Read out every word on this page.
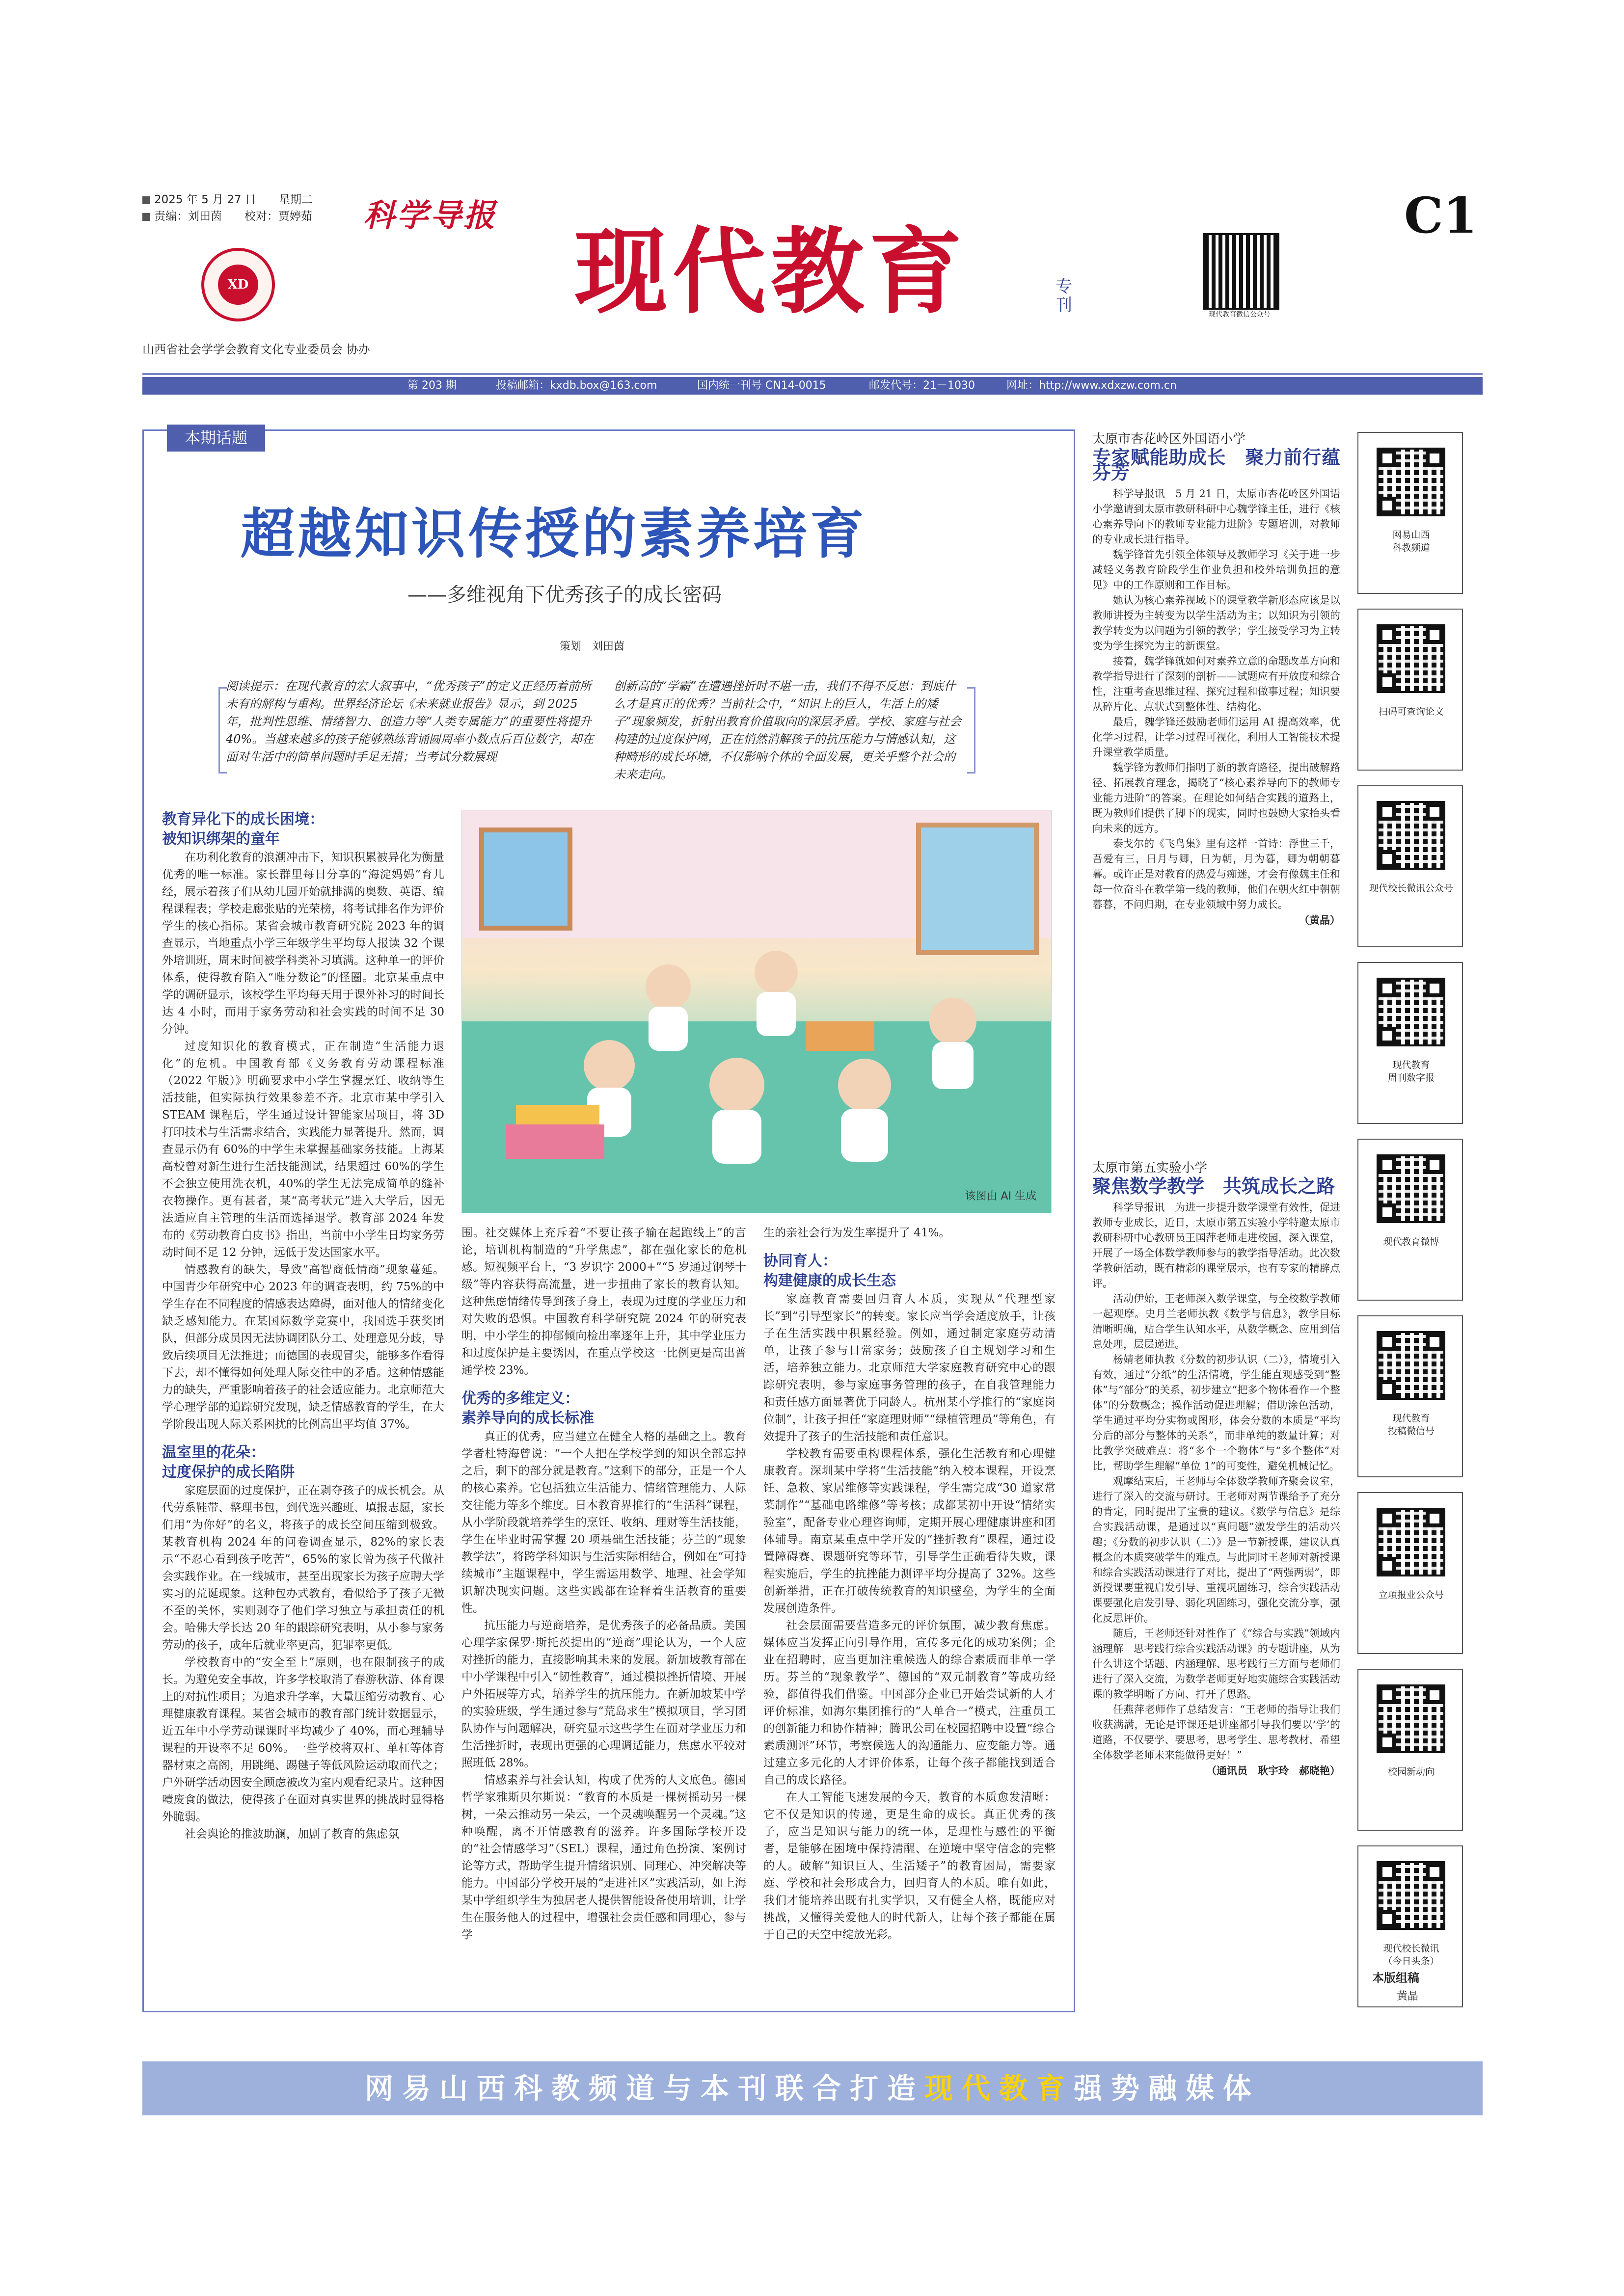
2025 年 5 月 27 日　　星期二
责编：刘田茵　　校对：贾婷茹 科学导报
现代教育	专刊
C1
XD
山西省社会学学会教育文化专业委员会 协办
现代教育微信公众号
第 203 期	投稿邮箱：kxdb.box@163.com	国内统一刊号 CN14-0015	邮发代号：21－1030	网址：http://www.xdxzw.com.cn
本期话题
超越知识传授的素养培育
——多维视角下优秀孩子的成长密码
策划　刘田茵
阅读提示：在现代教育的宏大叙事中，“优秀孩子”的定义正经历着前所未有的解构与重构。世界经济论坛《未来就业报告》显示，到 2025 年，批判性思维、情绪智力、创造力等“人类专属能力”的重要性将提升 40%。当越来越多的孩子能够熟练背诵圆周率小数点后百位数字，却在面对生活中的简单问题时手足无措；当考试分数展现
创新高的“学霸”在遭遇挫折时不堪一击，我们不得不反思：到底什么才是真正的优秀？当前社会中，“知识上的巨人，生活上的矮子”现象频发，折射出教育价值取向的深层矛盾。学校、家庭与社会构建的过度保护网，正在悄然消解孩子的抗压能力与情感认知，这种畸形的成长环境，不仅影响个体的全面发展，更关乎整个社会的未来走向。
教育异化下的成长困境：
被知识绑架的童年
在功利化教育的浪潮冲击下，知识积累被异化为衡量优秀的唯一标准。家长群里每日分享的“海淀妈妈”育儿经，展示着孩子们从幼儿园开始就排满的奥数、英语、编程课程表；学校走廊张贴的光荣榜，将考试排名作为评价学生的核心指标。某省会城市教育研究院 2023 年的调查显示，当地重点小学三年级学生平均每人报读 32 个课外培训班，周末时间被学科类补习填满。这种单一的评价体系，使得教育陷入“唯分数论”的怪圈。北京某重点中学的调研显示，该校学生平均每天用于课外补习的时间长达 4 小时，而用于家务劳动和社会实践的时间不足 30 分钟。
过度知识化的教育模式，正在制造“生活能力退化”的危机。中国教育部《义务教育劳动课程标准（2022 年版）》明确要求中小学生掌握烹饪、收纳等生活技能，但实际执行效果参差不齐。北京市某中学引入 STEAM 课程后，学生通过设计智能家居项目，将 3D 打印技术与生活需求结合，实践能力显著提升。然而，调查显示仍有 60%的中学生未掌握基础家务技能。上海某高校曾对新生进行生活技能测试，结果超过 60%的学生不会独立使用洗衣机，40%的学生无法完成简单的缝补衣物操作。更有甚者，某“高考状元”进入大学后，因无法适应自主管理的生活而选择退学。教育部 2024 年发布的《劳动教育白皮书》指出，当前中小学生日均家务劳动时间不足 12 分钟，远低于发达国家水平。
情感教育的缺失，导致“高智商低情商”现象蔓延。中国青少年研究中心 2023 年的调查表明，约 75%的中学生存在不同程度的情感表达障碍，面对他人的情绪变化缺乏感知能力。在某国际数学竞赛中，我国选手获奖团队，但部分成员因无法协调团队分工、处理意见分歧，导致后续项目无法推进；而德国的表现冒尖，能够多作看得下去，却不懂得如何处理人际交往中的矛盾。这种情感能力的缺失，严重影响着孩子的社会适应能力。北京师范大学心理学部的追踪研究发现，缺乏情感教育的学生，在大学阶段出现人际关系困扰的比例高出平均值 37%。
温室里的花朵：
过度保护的成长陷阱
家庭层面的过度保护，正在剥夺孩子的成长机会。从代劳系鞋带、整理书包，到代选兴趣班、填报志愿，家长们用“为你好”的名义，将孩子的成长空间压缩到极致。某教育机构 2024 年的问卷调查显示，82%的家长表示“不忍心看到孩子吃苦”，65%的家长曾为孩子代做社会实践作业。在一线城市，甚至出现家长为孩子应聘大学实习的荒诞现象。这种包办式教育，看似给予了孩子无微不至的关怀，实则剥夺了他们学习独立与承担责任的机会。哈佛大学长达 20 年的跟踪研究表明，从小参与家务劳动的孩子，成年后就业率更高，犯罪率更低。
学校教育中的“安全至上”原则，也在限制孩子的成长。为避免安全事故，许多学校取消了春游秋游、体育课上的对抗性项目；为追求升学率，大量压缩劳动教育、心理健康教育课程。某省会城市的教育部门统计数据显示，近五年中小学劳动课课时平均减少了 40%，而心理辅导课程的开设率不足 60%。一些学校将双杠、单杠等体育器材束之高阁，用跳绳、踢毽子等低风险运动取而代之；户外研学活动因安全顾虑被改为室内观看纪录片。这种因噎废食的做法，使得孩子在面对真实世界的挑战时显得格外脆弱。
社会舆论的推波助澜，加剧了教育的焦虑氛
该图由 AI 生成
围。社交媒体上充斥着“不要让孩子输在起跑线上”的言论，培训机构制造的“升学焦虑”，都在强化家长的危机感。短视频平台上，“3 岁识字 2000+”“5 岁通过钢琴十级”等内容获得高流量，进一步扭曲了家长的教育认知。这种焦虑情绪传导到孩子身上，表现为过度的学业压力和对失败的恐惧。中国教育科学研究院 2024 年的研究表明，中小学生的抑郁倾向检出率逐年上升，其中学业压力和过度保护是主要诱因，在重点学校这一比例更是高出普通学校 23%。
优秀的多维定义：
素养导向的成长标准
真正的优秀，应当建立在健全人格的基础之上。教育学者杜特海曾说：“一个人把在学校学到的知识全部忘掉之后，剩下的部分就是教育。”这剩下的部分，正是一个人的核心素养。它包括独立生活能力、情绪管理能力、人际交往能力等多个维度。日本教育界推行的“生活科”课程，从小学阶段就培养学生的烹饪、收纳、理财等生活技能，学生在毕业时需掌握 20 项基础生活技能；芬兰的“现象教学法”，将跨学科知识与生活实际相结合，例如在“可持续城市”主题课程中，学生需运用数学、地理、社会学知识解决现实问题。这些实践都在诠释着生活教育的重要性。
抗压能力与逆商培养，是优秀孩子的必备品质。美国心理学家保罗·斯托茨提出的“逆商”理论认为，一个人应对挫折的能力，直接影响其未来的发展。新加坡教育部在中小学课程中引入“韧性教育”，通过模拟挫折情境、开展户外拓展等方式，培养学生的抗压能力。在新加坡某中学的实验班级，学生通过参与“荒岛求生”模拟项目，学习团队协作与问题解决，研究显示这些学生在面对学业压力和生活挫折时，表现出更强的心理调适能力，焦虑水平较对照班低 28%。
情感素养与社会认知，构成了优秀的人文底色。德国哲学家雅斯贝尔斯说：“教育的本质是一棵树摇动另一棵树，一朵云推动另一朵云，一个灵魂唤醒另一个灵魂。”这种唤醒，离不开情感教育的滋养。许多国际学校开设的“社会情感学习”（SEL）课程，通过角色扮演、案例讨论等方式，帮助学生提升情绪识别、同理心、冲突解决等能力。中国部分学校开展的“走进社区”实践活动，如上海某中学组织学生为独居老人提供智能设备使用培训，让学生在服务他人的过程中，增强社会责任感和同理心，参与学
生的亲社会行为发生率提升了 41%。
协同育人：
构建健康的成长生态
家庭教育需要回归育人本质，实现从“代理型家长”到“引导型家长”的转变。家长应当学会适度放手，让孩子在生活实践中积累经验。例如，通过制定家庭劳动清单，让孩子参与日常家务；鼓励孩子自主规划学习和生活，培养独立能力。北京师范大学家庭教育研究中心的跟踪研究表明，参与家庭事务管理的孩子，在自我管理能力和责任感方面显著优于同龄人。杭州某小学推行的“家庭岗位制”，让孩子担任“家庭理财师”“绿植管理员”等角色，有效提升了孩子的生活技能和责任意识。
学校教育需要重构课程体系，强化生活教育和心理健康教育。深圳某中学将“生活技能”纳入校本课程，开设烹饪、急救、家居维修等实践课程，学生需完成“30 道家常菜制作”“基础电路维修”等考核；成都某初中开设“情绪实验室”，配备专业心理咨询师，定期开展心理健康讲座和团体辅导。南京某重点中学开发的“挫折教育”课程，通过设置障碍赛、课题研究等环节，引导学生正确看待失败，课程实施后，学生的抗挫能力测评平均分提高了 32%。这些创新举措，正在打破传统教育的知识壁垒，为学生的全面发展创造条件。
社会层面需要营造多元的评价氛围，减少教育焦虑。媒体应当发挥正向引导作用，宣传多元化的成功案例；企业在招聘时，应当更加注重候选人的综合素质而非单一学历。芬兰的“现象教学”、德国的“双元制教育”等成功经验，都值得我们借鉴。中国部分企业已开始尝试新的人才评价标准，如海尔集团推行的“人单合一”模式，注重员工的创新能力和协作精神；腾讯公司在校园招聘中设置“综合素质测评”环节，考察候选人的沟通能力、应变能力等。通过建立多元化的人才评价体系，让每个孩子都能找到适合自己的成长路径。
在人工智能飞速发展的今天，教育的本质愈发清晰：它不仅是知识的传递，更是生命的成长。真正优秀的孩子，应当是知识与能力的统一体，是理性与感性的平衡者，是能够在困境中保持清醒、在逆境中坚守信念的完整的人。破解“知识巨人、生活矮子”的教育困局，需要家庭、学校和社会形成合力，回归育人的本质。唯有如此，我们才能培养出既有扎实学识，又有健全人格，既能应对挑战，又懂得关爱他人的时代新人，让每个孩子都能在属于自己的天空中绽放光彩。
太原市杏花岭区外国语小学
专家赋能助成长　聚力前行蕴芬芳
科学导报讯　5 月 21 日，太原市杏花岭区外国语小学邀请到太原市教研科研中心魏学锋主任，进行《核心素养导向下的教师专业能力进阶》专题培训，对教师的专业成长进行指导。
魏学锋首先引领全体领导及教师学习《关于进一步减轻义务教育阶段学生作业负担和校外培训负担的意见》中的工作原则和工作目标。
她认为核心素养视域下的课堂教学新形态应该是以教师讲授为主转变为以学生活动为主；以知识为引领的教学转变为以问题为引领的教学；学生接受学习为主转变为学生探究为主的新课堂。
接着，魏学锋就如何对素养立意的命题改革方向和教学指导进行了深刻的剖析——试题应有开放度和综合性，注重考查思维过程、探究过程和做事过程；知识要从碎片化、点状式到整体性、结构化。
最后，魏学锋还鼓励老师们运用 AI 提高效率，优化学习过程，让学习过程可视化，利用人工智能技术提升课堂教学质量。
魏学锋为教师们指明了新的教育路径，提出破解路径、拓展教育理念，揭晓了“核心素养导向下的教师专业能力进阶”的答案。在理论如何结合实践的道路上，既为教师们提供了脚下的现实，同时也鼓励大家抬头看向未来的远方。
泰戈尔的《飞鸟集》里有这样一首诗：浮世三千，吾爱有三，日月与卿，日为朝，月为暮，卿为朝朝暮暮。或许正是对教育的热爱与痴迷，才会有像魏主任和每一位奋斗在教学第一线的教师，他们在朝火红中朝朝暮暮，不问归期，在专业领域中努力成长。
（黄晶）
太原市第五实验小学
聚焦数学教学　共筑成长之路
科学导报讯　为进一步提升数学课堂有效性，促进教师专业成长，近日，太原市第五实验小学特邀太原市教研科研中心教研员王国萍老师走进校园，深入课堂，开展了一场全体数学教师参与的教学指导活动。此次数学教研活动，既有精彩的课堂展示，也有专家的精辟点评。
活动伊始，王老师深入数学课堂，与全校数学教师一起观摩。史月兰老师执教《数学与信息》，教学目标清晰明确，贴合学生认知水平，从数学概念、应用到信息处理，层层递进。
杨婧老师执教《分数的初步认识（二）》，情境引入有效，通过“分纸”的生活情境，学生能直观感受到“整体”与“部分”的关系，初步建立“把多个物体看作一个整体”的分数概念；操作活动促进理解；借助涂色活动，学生通过平均分实物或图形，体会分数的本质是“平均分后的部分与整体的关系”，而非单纯的数量计算；对比教学突破难点：将“多个一个物体”与“多个整体”对比，帮助学生理解“单位 1”的可变性，避免机械记忆。
观摩结束后，王老师与全体数学教师齐聚会议室，进行了深入的交流与研讨。王老师对两节课给予了充分的肯定，同时提出了宝贵的建议。《数学与信息》是综合实践活动课，是通过以“真问题”激发学生的活动兴趣；《分数的初步认识（二）》是一节新授课，建议认真概念的本质突破学生的难点。与此同时王老师对新授课和综合实践活动课进行了对比，提出了“两强两弱”，即新授课要重视启发引导、重视巩固练习，综合实践活动课要强化启发引导、弱化巩固练习，强化交流分享，强化反思评价。
随后，王老师还针对性作了《“综合与实践”领域内涵理解　思考践行综合实践活动课》的专题讲座，从为什么讲这个话题、内涵理解、思考践行三方面与老师们进行了深入交流，为数学老师更好地实施综合实践活动课的教学明晰了方向、打开了思路。
任燕萍老师作了总结发言：“王老师的指导让我们收获满满，无论是评课还是讲座都引导我们要以‘学’的道路，不仅要学、要思考，思考学生、思考教材，希望全体数学老师未来能做得更好！”
（通讯员　耿宇玲　郝晓艳）
网易山西
科教频道
扫码可查询论文
现代校长微讯公众号
现代教育
周刊数字报
现代教育微博
现代教育
投稿微信号
立項报业公众号
校园新动向
现代校长微讯
（今日头条）
本版组稿
黄晶
网易山西科教频道与本刊联合打造现代教育强势融媒体
